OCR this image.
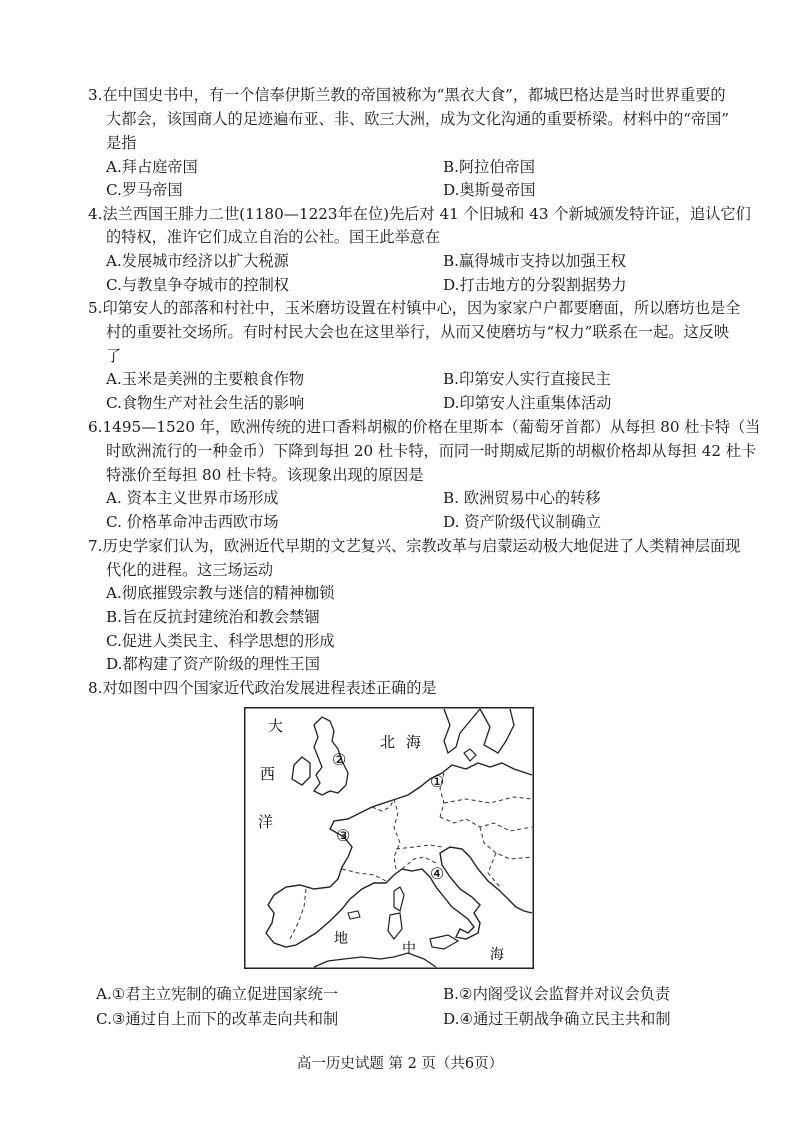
3.在中国史书中，有一个信奉伊斯兰教的帝国被称为“黑衣大食”，都城巴格达是当时世界重要的
大都会，该国商人的足迹遍布亚、非、欧三大洲，成为文化沟通的重要桥梁。材料中的“帝国”
是指
A.拜占庭帝国	B.阿拉伯帝国
C.罗马帝国	D.奥斯曼帝国
4.法兰西国王腓力二世(1180—1223年在位)先后对 41 个旧城和 43 个新城颁发特许证，追认它们
的特权，准许它们成立自治的公社。国王此举意在
A.发展城市经济以扩大税源	B.赢得城市支持以加强王权
C.与教皇争夺城市的控制权	D.打击地方的分裂割据势力
5.印第安人的部落和村社中，玉米磨坊设置在村镇中心，因为家家户户都要磨面，所以磨坊也是全
村的重要社交场所。有时村民大会也在这里举行，从而又使磨坊与“权力”联系在一起。这反映
了
A.玉米是美洲的主要粮食作物	B.印第安人实行直接民主
C.食物生产对社会生活的影响	D.印第安人注重集体活动
6.1495—1520 年，欧洲传统的进口香料胡椒的价格在里斯本（葡萄牙首都）从每担 80 杜卡特（当
时欧洲流行的一种金币）下降到每担 20 杜卡特，而同一时期威尼斯的胡椒价格却从每担 42 杜卡
特涨价至每担 80 杜卡特。该现象出现的原因是
A. 资本主义世界市场形成	B. 欧洲贸易中心的转移
C. 价格革命冲击西欧市场	D. 资产阶级代议制确立
7.历史学家们认为，欧洲近代早期的文艺复兴、宗教改革与启蒙运动极大地促进了人类精神层面现
代化的进程。这三场运动
A.彻底摧毁宗教与迷信的精神枷锁
B.旨在反抗封建统治和教会禁锢
C.促进人类民主、科学思想的形成
D.都构建了资产阶级的理性王国
8.对如图中四个国家近代政治发展进程表述正确的是
大
西
洋
北 海
地
中	海
①
②
③
④
A.①君主立宪制的确立促进国家统一	B.②内阁受议会监督并对议会负责
C.③通过自上而下的改革走向共和制	D.④通过王朝战争确立民主共和制
高一历史试题 第 2 页（共6页）
